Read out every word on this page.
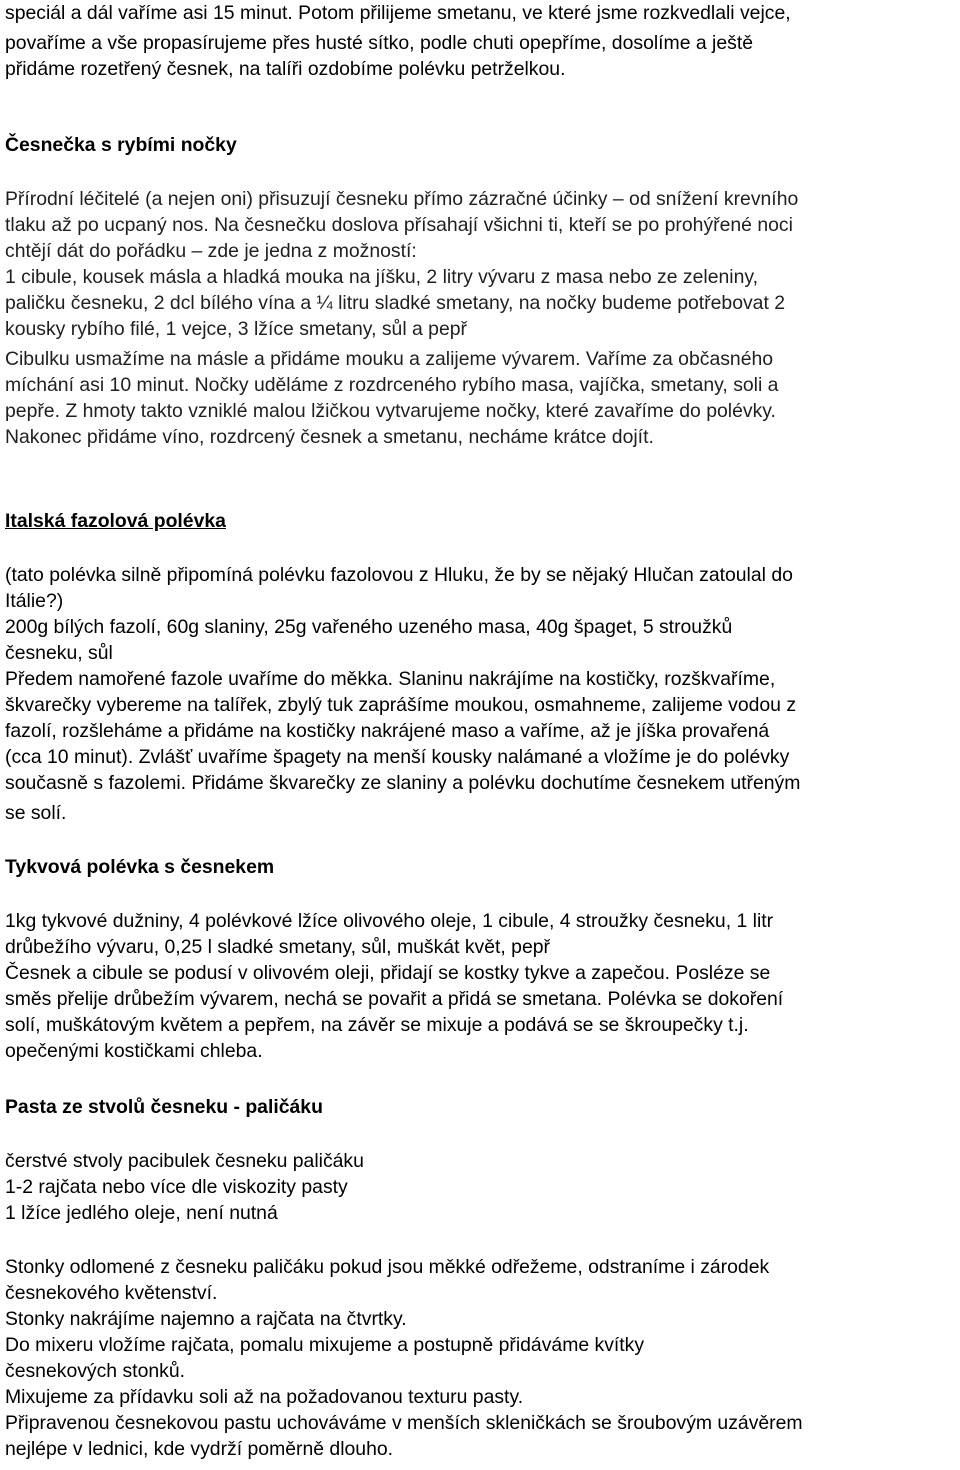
speciál a dál vaříme asi 15 minut. Potom přilijeme smetanu, ve které jsme rozkvedlali vejce,
povaříme a vše propasírujeme přes husté sítko, podle chuti opepříme, dosolíme a ještě
přidáme rozetřený česnek, na talíři ozdobíme polévku petrželkou.
Česnečka s rybími nočky
Přírodní léčitelé (a nejen oni) přisuzují česneku přímo zázračné účinky – od snížení krevního
tlaku až po ucpaný nos. Na česnečku doslova přísahají všichni ti, kteří se po prohýřené noci
chtějí dát do pořádku – zde je jedna z možností:
1 cibule, kousek másla a hladká mouka na jíšku, 2 litry vývaru z masa nebo ze zeleniny,
paličku česneku, 2 dcl bílého vína a ¼ litru sladké smetany, na nočky budeme potřebovat 2
kousky rybího filé, 1 vejce, 3 lžíce smetany, sůl a pepř
Cibulku usmažíme na másle a přidáme mouku a zalijeme vývarem. Vaříme za občasného
míchání asi 10 minut. Nočky uděláme z rozdrceného rybího masa, vajíčka, smetany, soli a
pepře. Z hmoty takto vzniklé malou lžičkou vytvarujeme nočky, které zavaříme do polévky.
Nakonec přidáme víno, rozdrcený česnek a smetanu, necháme krátce dojít.
Italská fazolová polévka
(tato polévka silně připomíná polévku fazolovou z Hluku, že by se nějaký Hlučan zatoulal do
Itálie?)
200g bílých fazolí, 60g slaniny, 25g vařeného uzeného masa, 40g špaget, 5 stroužků
česneku, sůl
Předem namořené fazole uvaříme do měkka. Slaninu nakrájíme na kostičky, rozškvaříme,
škvarečky vybereme na talířek, zbylý tuk zaprášíme moukou, osmahneme, zalijeme vodou z
fazolí, rozšleháme a přidáme na kostičky nakrájené maso a vaříme, až je jíška provařená
(cca 10 minut). Zvlášť uvaříme špagety na menší kousky nalámané a vložíme je do polévky
současně s fazolemi. Přidáme škvarečky ze slaniny a polévku dochutíme česnekem utřeným
se solí.
Tykvová polévka s česnekem
1kg tykvové dužniny, 4 polévkové lžíce olivového oleje, 1 cibule, 4 stroužky česneku, 1 litr
drůbežího vývaru, 0,25 l sladké smetany, sůl, muškát květ, pepř
Česnek a cibule se podusí v olivovém oleji, přidají se kostky tykve a zapečou. Posléze se
směs přelije drůbežím vývarem, nechá se povařit a přidá se smetana. Polévka se dokoření
solí, muškátovým květem a pepřem, na závěr se mixuje a podává se se škroupečky t.j.
opečenými kostičkami chleba.
Pasta ze stvolů česneku - paličáku
čerstvé stvoly pacibulek česneku paličáku
1-2 rajčata nebo více dle viskozity pasty
1 lžíce jedlého oleje, není nutná
Stonky odlomené z česneku paličáku pokud jsou měkké odřežeme, odstraníme i zárodek
česnekového květenství.
Stonky nakrájíme najemno a rajčata na čtvrtky.
Do mixeru vložíme rajčata, pomalu mixujeme a postupně přidáváme kvítky
česnekových stonků.
Mixujeme za přídavku soli až na požadovanou texturu pasty.
Připravenou česnekovou pastu uchováváme v menších skleničkách se šroubovým uzávěrem
nejlépe v lednici, kde vydrží poměrně dlouho.
